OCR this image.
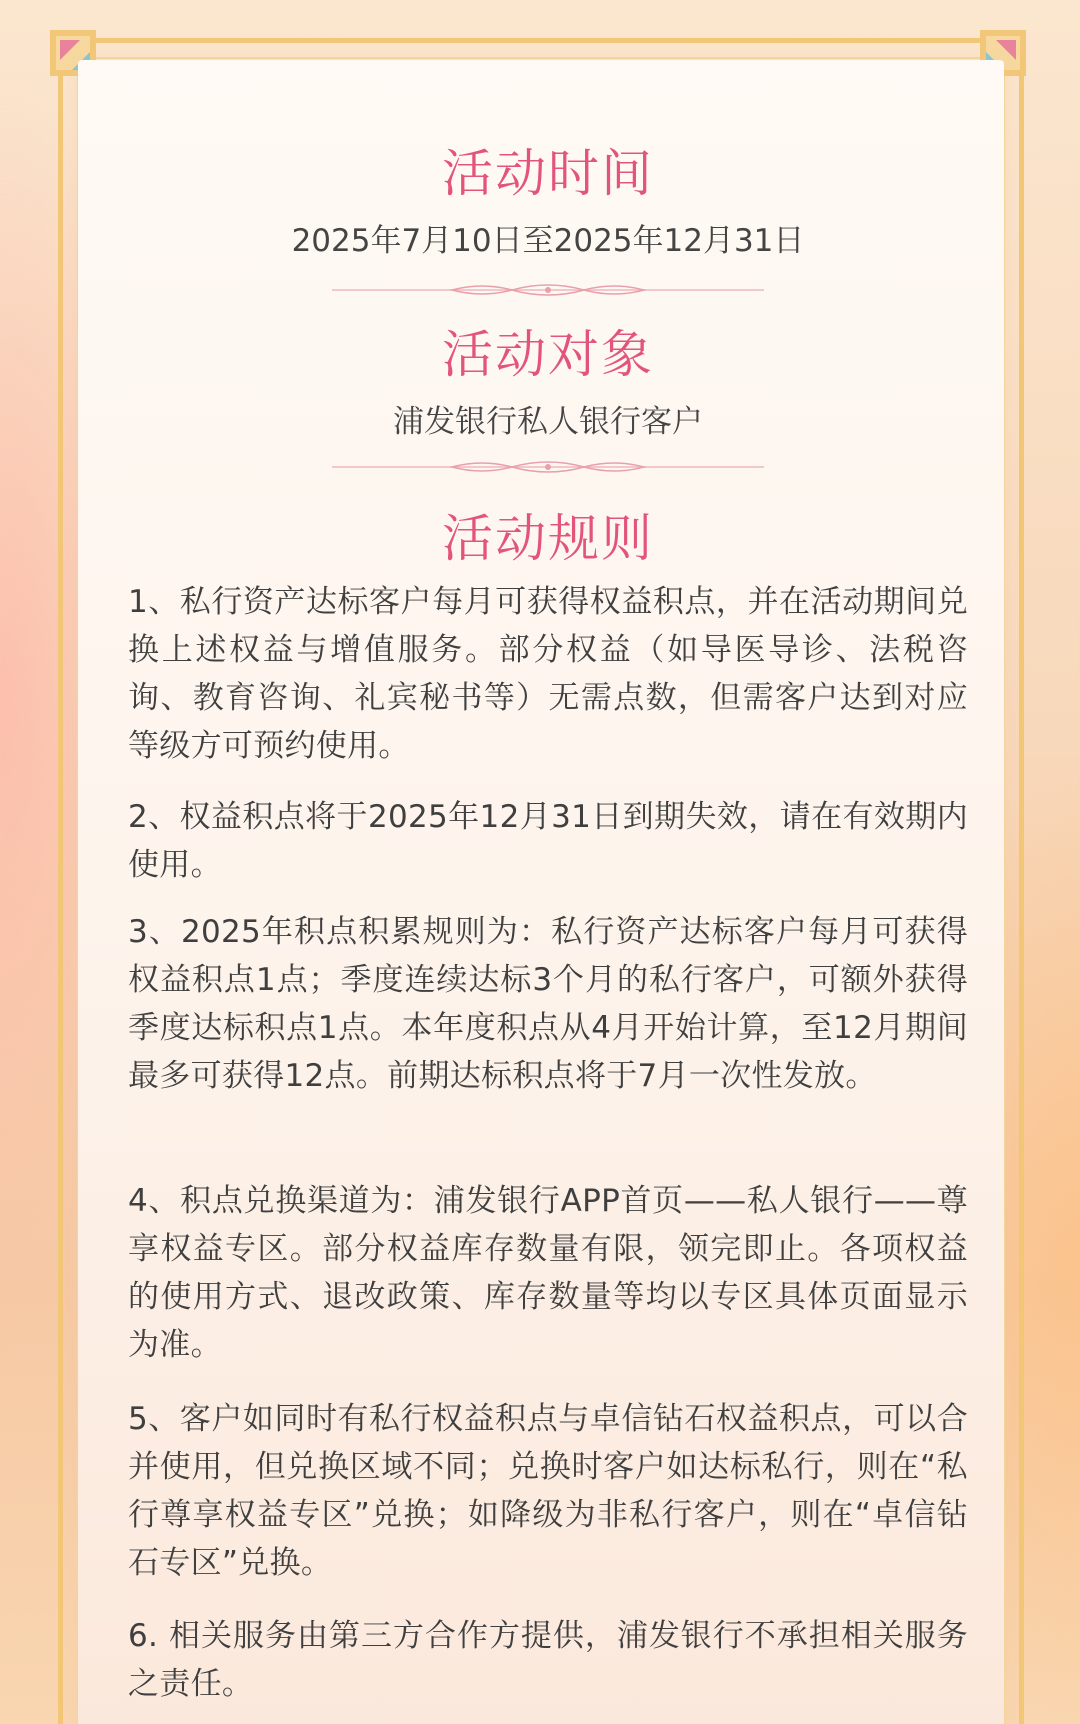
活动时间
2025年7月10日至2025年12月31日
活动对象
浦发银行私人银行客户
活动规则
1、私行资产达标客户每月可获得权益积点，并在活动期间兑换上述权益与增值服务。部分权益（如导医导诊、法税咨询、教育咨询、礼宾秘书等）无需点数，但需客户达到对应等级方可预约使用。
2、权益积点将于2025年12月31日到期失效，请在有效期内使用。
3、2025年积点积累规则为：私行资产达标客户每月可获得权益积点1点；季度连续达标3个月的私行客户，可额外获得季度达标积点1点。本年度积点从4月开始计算，至12月期间最多可获得12点。前期达标积点将于7月一次性发放。
4、积点兑换渠道为：浦发银行APP首页——私人银行——尊享权益专区。部分权益库存数量有限，领完即止。各项权益的使用方式、退改政策、库存数量等均以专区具体页面显示为准。
5、客户如同时有私行权益积点与卓信钻石权益积点，可以合并使用，但兑换区域不同；兑换时客户如达标私行，则在“私行尊享权益专区”兑换；如降级为非私行客户，则在“卓信钻石专区”兑换。
6. 相关服务由第三方合作方提供，浦发银行不承担相关服务之责任。
